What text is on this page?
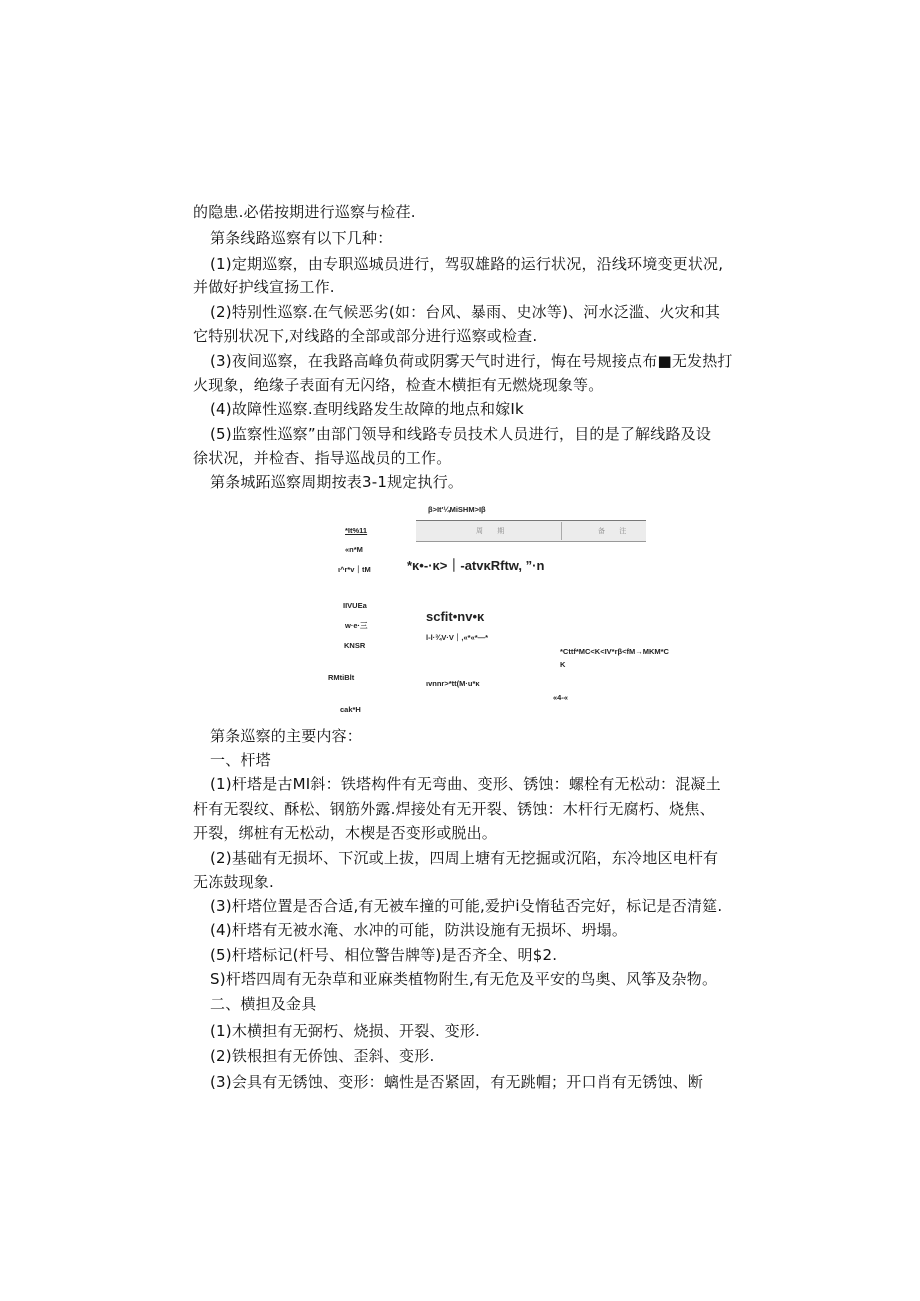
的隐患.必偌按期进行巡察与检荏.
第条线路巡察有以下几种：
(1)定期巡察，由专职巡城员进行，驾驭雄路的运行状况，沿线环境变更状况,
并做好护线宣扬工作.
(2)特别性巡察.在气候恶劣(如：台风、暴雨、史冰等)、河水泛滥、火灾和其
它特别状况下,对线路的全部或部分进行巡察或检查.
(3)夜间巡察，在我路高峰负荷或阴雾天气时进行，悔在号规接点布■无发热打
火现象，绝缘子表面有无闪络，检查木横拒有无燃烧现象等。
(4)故障性巡察.查明线路发生故障的地点和嫁Ik
(5)监察性巡察”由部门领导和线路专员技术人员进行，目的是了解线路及设
徐状况，并检杳、指导巡战员的工作。
第条城跖巡察周期按表3-1规定执行。
β>It'¼MiSHM>Iβ
周 期	备 注
*It%11
«n*M
ι^r*v｜tM	*κ•-·κ>｜-atvκRftw, ”·n
IIVUEa
scfit•nv•κ
w·e·三
l-l·¾V·V｜,«*«*—*
KNSR
*Cttf*MC<K<IV*rβ<fM→MKM*C
K
RMtiBlt
ιvnnr>*tt(M·u*κ
«4-«
cak*H
第条巡察的主要内容：
一、杆塔
(1)杆塔是古MI斜：铁塔构件有无弯曲、变形、锈蚀：螺栓有无松动：混凝土
杆有无裂纹、酥松、钢筋外露.焊接处有无开裂、锈蚀：木杆行无腐朽、烧焦、
开裂，绑桩有无松动，木楔是否变形或脱出。
(2)基础有无损坏、下沉或上拔，四周上塘有无挖掘或沉陷，东冷地区电杆有
无冻鼓现象.
(3)杆塔位置是否合适,有无被车撞的可能,爱护i殳惰毡否完好，标记是否清筵.
(4)杆塔有无被水淹、水冲的可能，防洪设施有无损坏、坍塌。
(5)杆塔标记(杆号、相位警告牌等)是否齐全、明$2.
S)杆塔四周有无杂草和亚麻类植物附生,有无危及平安的鸟奥、风筝及杂物。
二、横担及金具
(1)木横担有无弼朽、烧损、开裂、变形.
(2)铁根担有无侨蚀、歪斜、变形.
(3)会具有无锈蚀、变形：螭性是否紧固，有无跳帽；开口肖有无锈蚀、断
